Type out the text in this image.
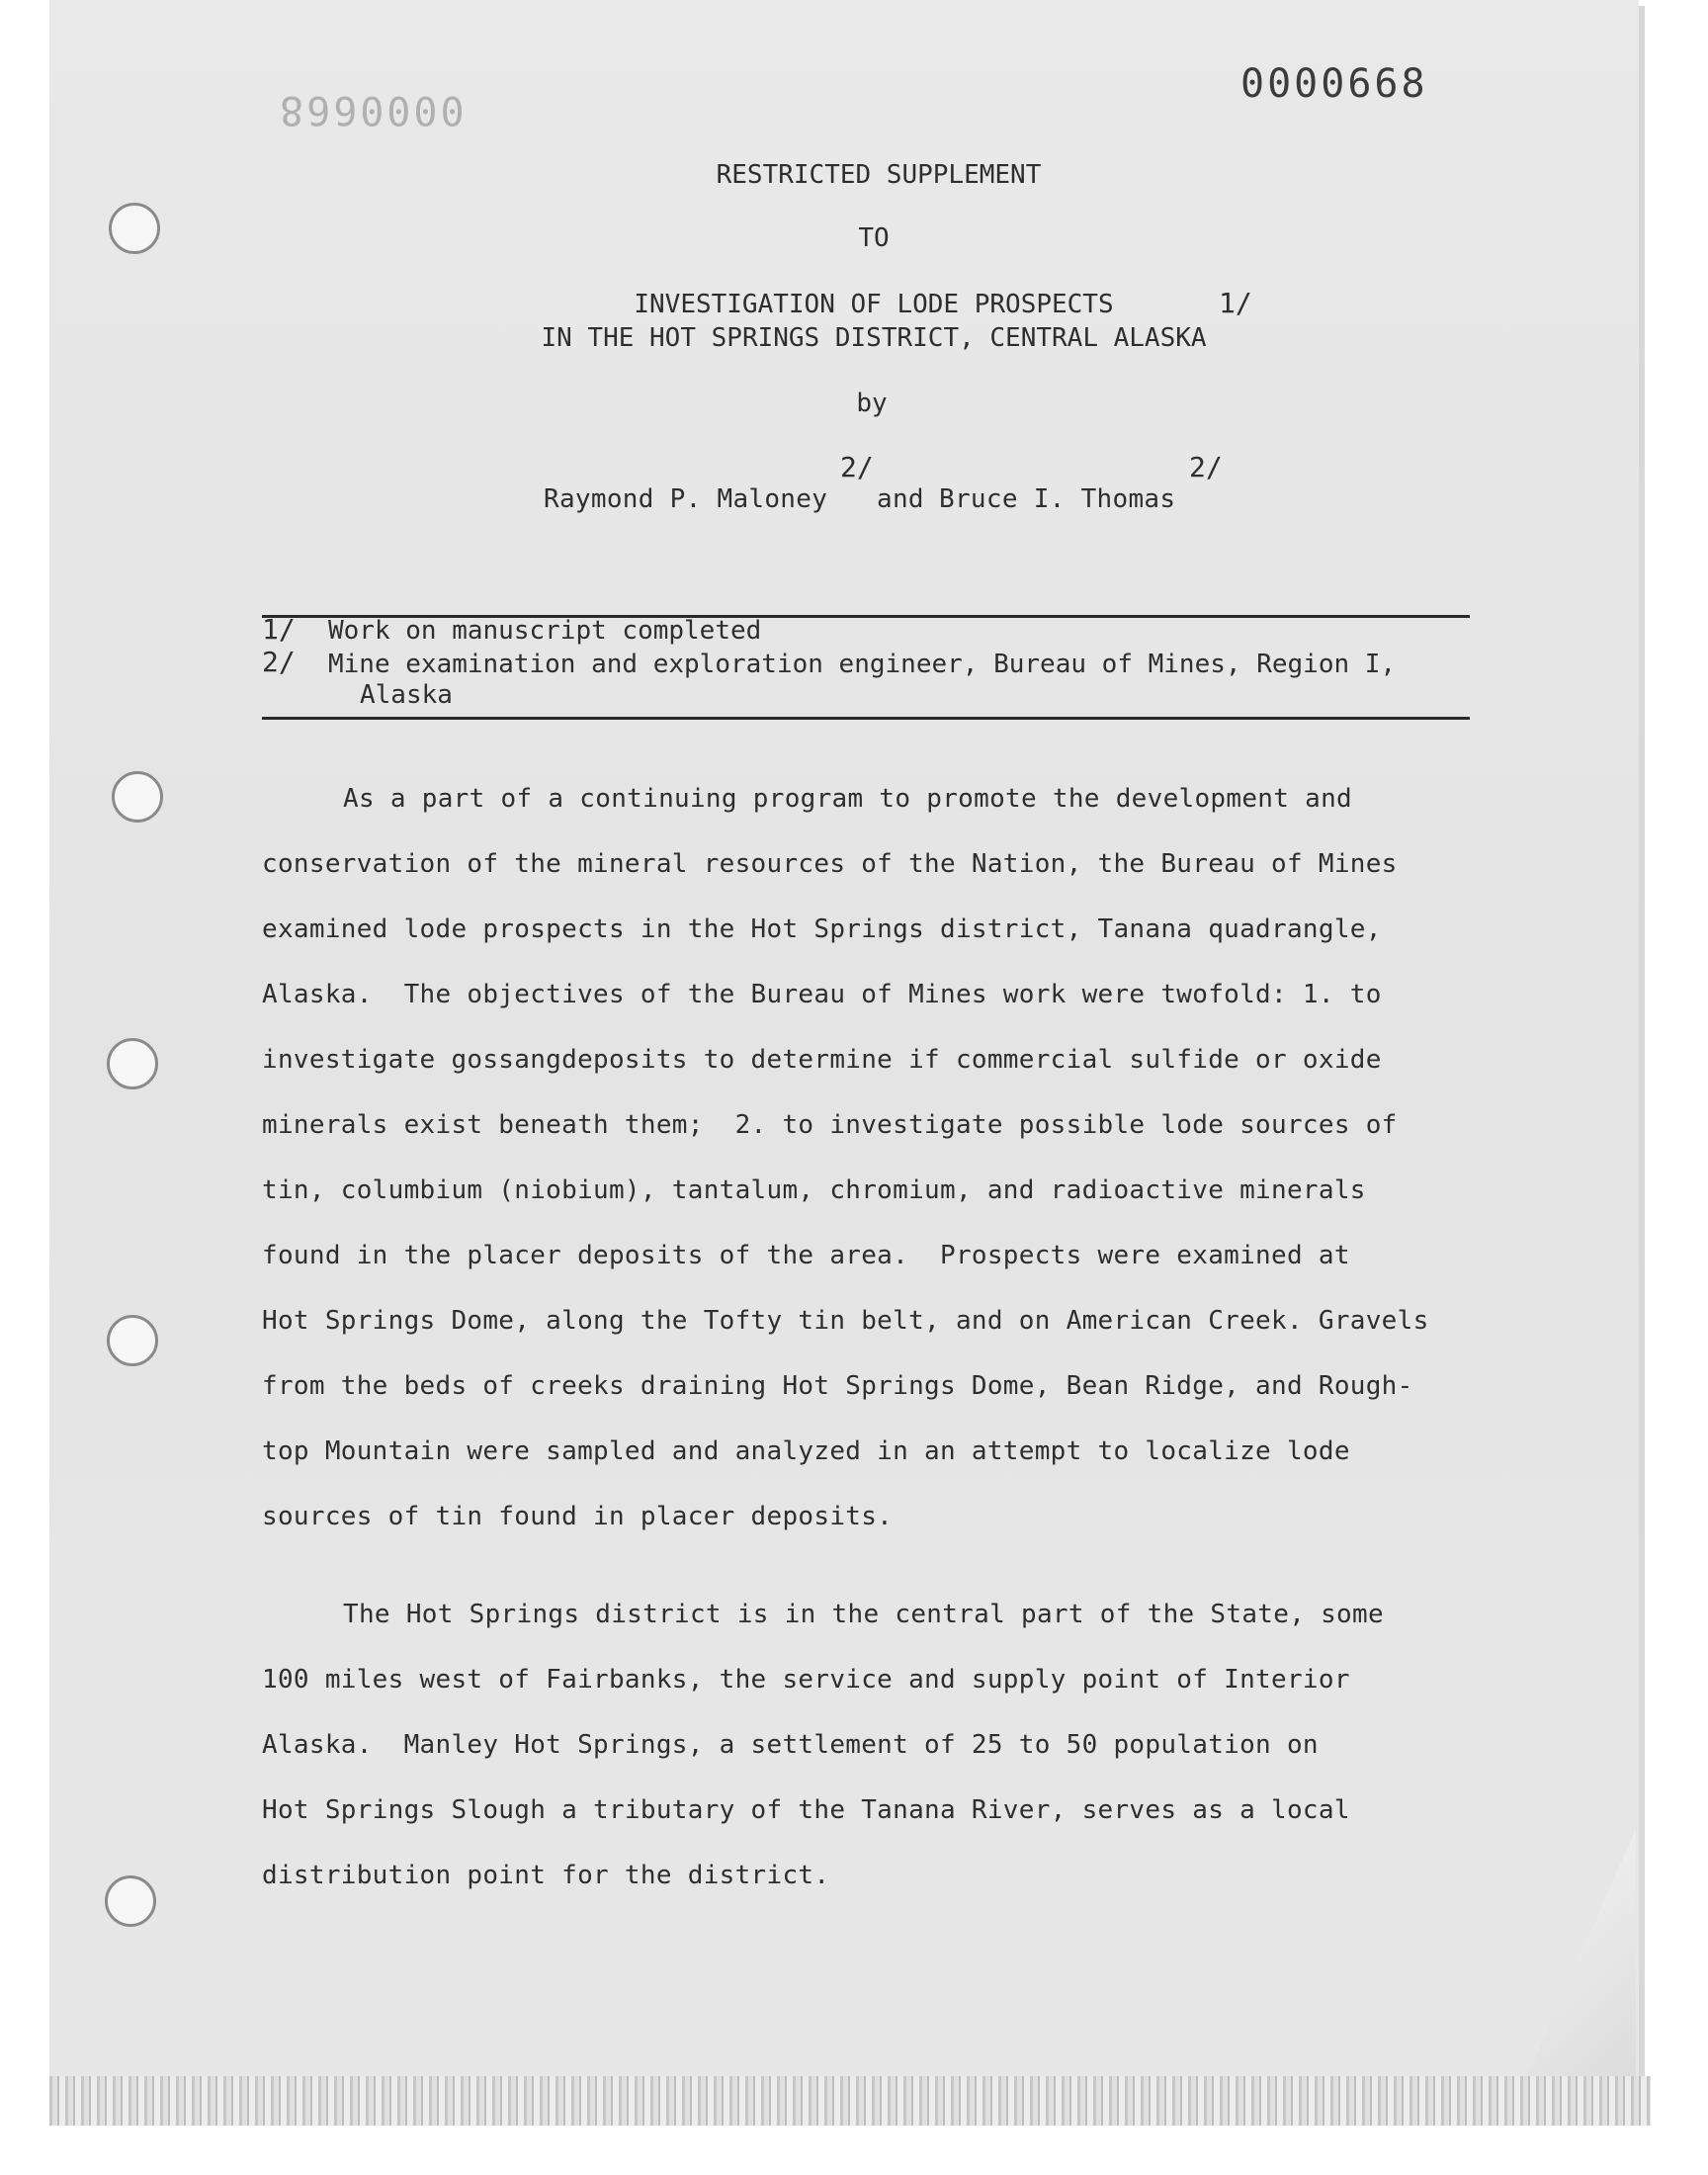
0000668
0000668
RESTRICTED SUPPLEMENT
TO
INVESTIGATION OF LODE PROSPECTS	1/
IN THE HOT SPRINGS DISTRICT, CENTRAL ALASKA
by
Raymond P. Maloney
2/
and Bruce I. Thomas
2/
1/ Work on manuscript completed
2/ Mine examination and exploration engineer, Bureau of Mines, Region I,
Alaska
As a part of a continuing program to promote the development and
conservation of the mineral resources of the Nation, the Bureau of Mines
examined lode prospects in the Hot Springs district, Tanana quadrangle,
Alaska.  The objectives of the Bureau of Mines work were twofold: 1. to
investigate gossangdeposits to determine if commercial sulfide or oxide
minerals exist beneath them;  2. to investigate possible lode sources of
tin, columbium (niobium), tantalum, chromium, and radioactive minerals
found in the placer deposits of the area.  Prospects were examined at
Hot Springs Dome, along the Tofty tin belt, and on American Creek. Gravels
from the beds of creeks draining Hot Springs Dome, Bean Ridge, and Rough-
top Mountain were sampled and analyzed in an attempt to localize lode
sources of tin found in placer deposits.
The Hot Springs district is in the central part of the State, some
100 miles west of Fairbanks, the service and supply point of Interior
Alaska.  Manley Hot Springs, a settlement of 25 to 50 population on
Hot Springs Slough a tributary of the Tanana River, serves as a local
distribution point for the district.
